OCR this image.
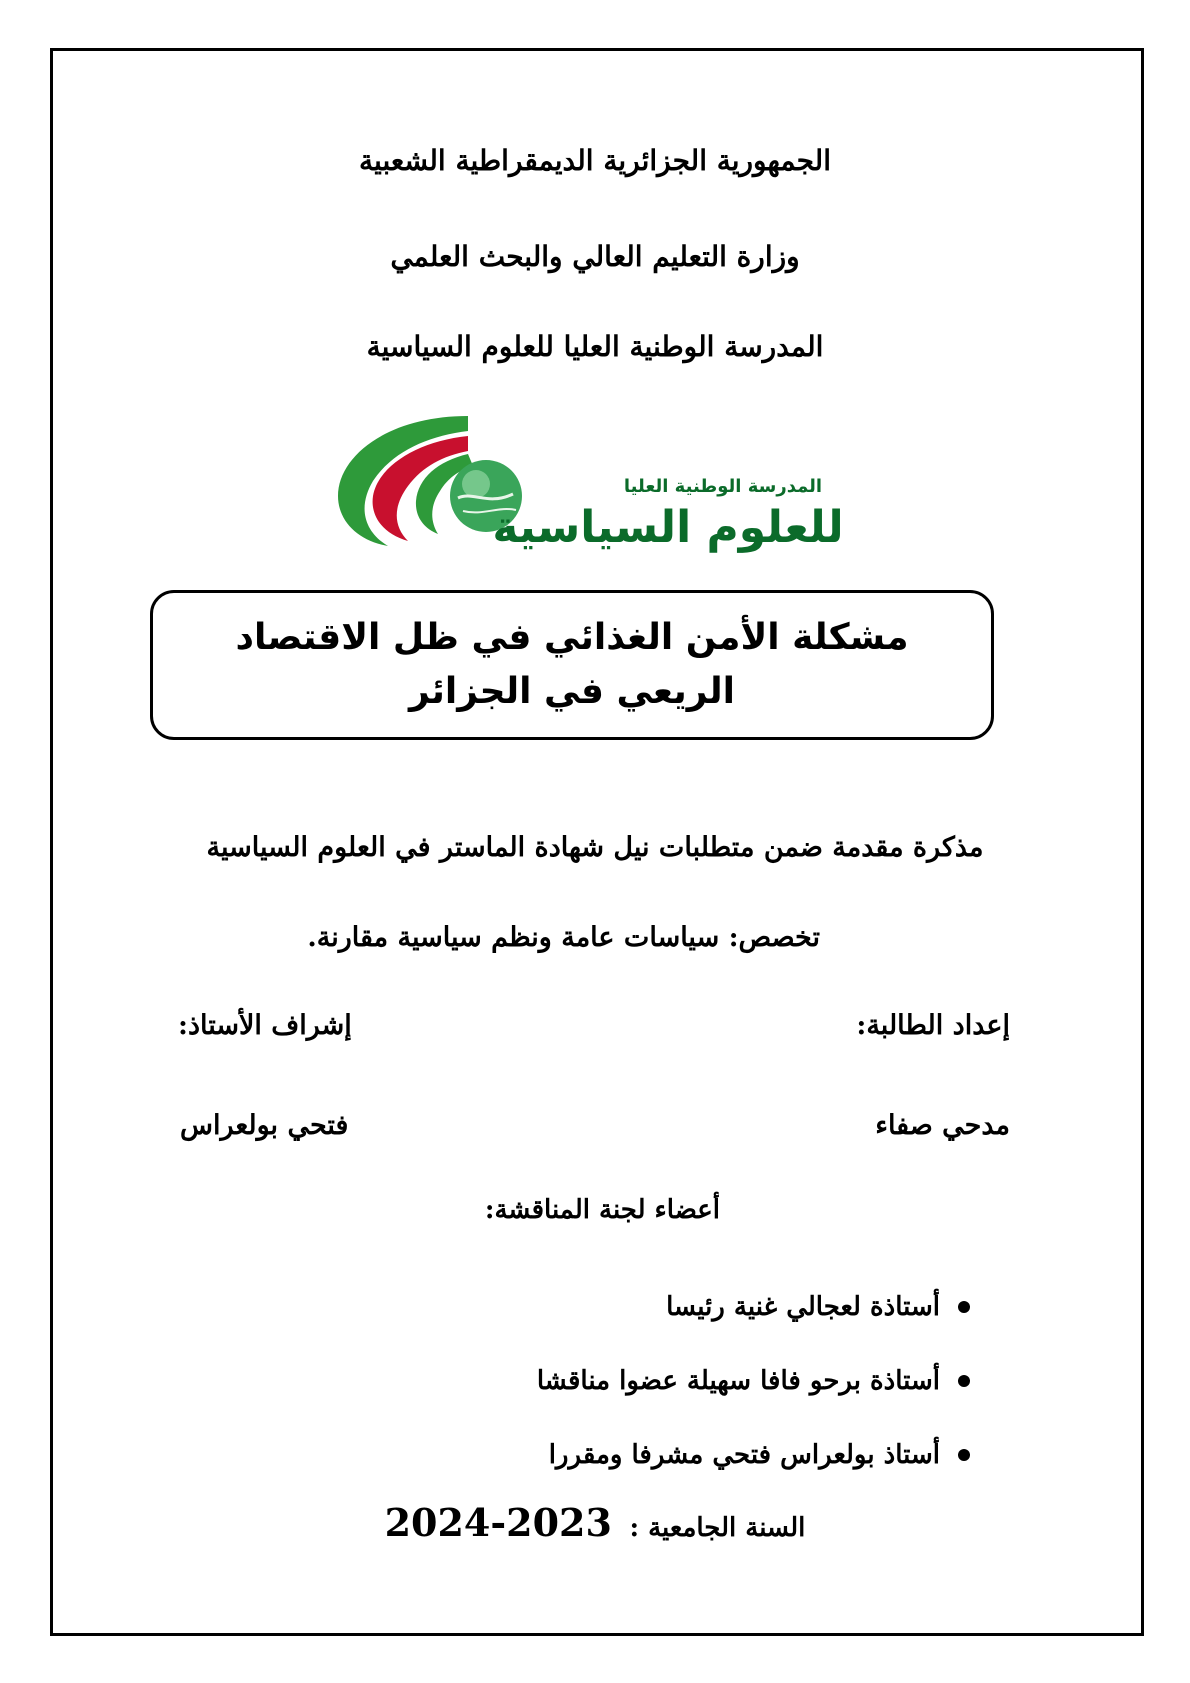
الجمهورية الجزائرية الديمقراطية الشعبية
وزارة التعليم العالي والبحث العلمي
المدرسة الوطنية العليا للعلوم السياسية
المدرسة الوطنية العليا
للعلوم السياسية
مشكلة الأمن الغذائي في ظل الاقتصاد الريعي في الجزائر
مذكرة مقدمة ضمن متطلبات نيل شهادة الماستر في العلوم السياسية
تخصص: سياسات عامة ونظم سياسية مقارنة.
إعداد الطالبة:
إشراف الأستاذ:
مدحي صفاء
فتحي بولعراس
أعضاء لجنة المناقشة:
أستاذة لعجالي غنية رئيسا
أستاذة برحو فافا سهيلة عضوا مناقشا
أستاذ بولعراس فتحي مشرفا ومقررا
2024-2023 السنة الجامعية :
